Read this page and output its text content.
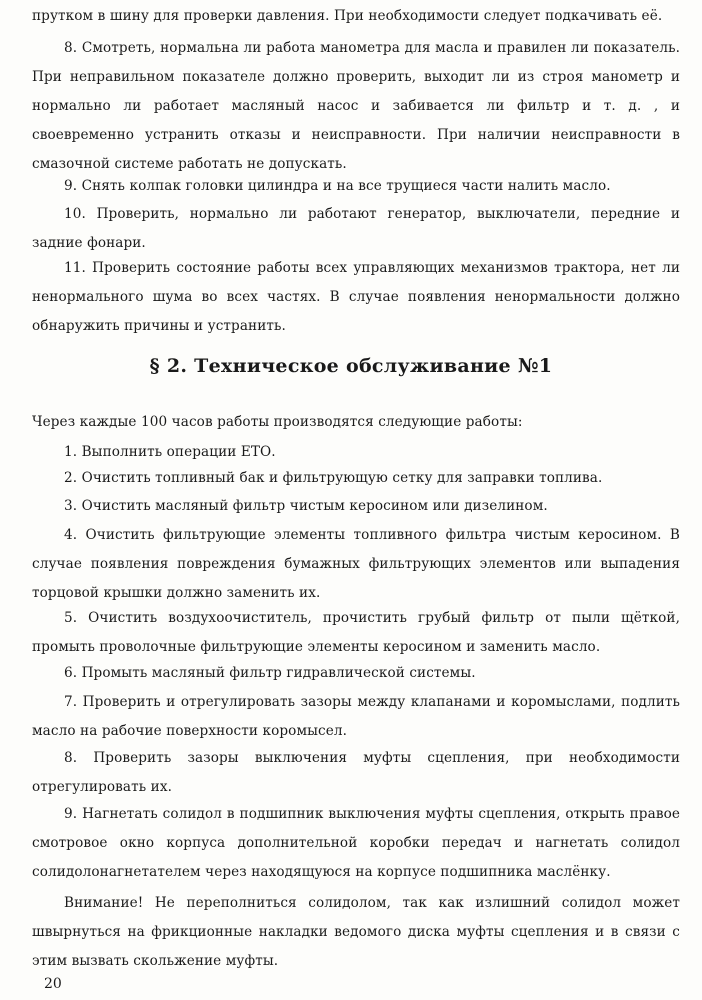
прутком в шину для проверки давления. При необходимости следует подкачивать её.

8. Смотреть, нормальна ли работа манометра для масла и правилен ли показатель. При неправильном показателе должно проверить, выходит ли из строя манометр и нормально ли работает масляный насос и забивается ли фильтр и т. д. , и своевременно устранить отказы и неисправности. При наличии неисправности в смазочной системе работать не допускать.

9. Снять колпак головки цилиндра и на все трущиеся части налить масло.

10. Проверить, нормально ли работают генератор, выключатели, передние и задние фонари.

11. Проверить состояние работы всех управляющих механизмов трактора, нет ли ненормального шума во всех частях. В случае появления ненормальности должно обнаружить причины и устранить.

§ 2. Техническое обслуживание №1

Через каждые 100 часов работы производятся следующие работы:

1. Выполнить операции ЕТО.

2. Очистить топливный бак и фильтрующую сетку для заправки топлива.

3. Очистить масляный фильтр чистым керосином или дизелином.

4. Очистить фильтрующие элементы топливного фильтра чистым керосином. В случае появления повреждения бумажных фильтрующих элементов или выпадения торцовой крышки должно заменить их.

5. Очистить воздухоочиститель, прочистить грубый фильтр от пыли щёткой, промыть проволочные фильтрующие элементы керосином и заменить масло.

6. Промыть масляный фильтр гидравлической системы.

7. Проверить и отрегулировать зазоры между клапанами и коромыслами, подлить масло на рабочие поверхности коромысел.

8. Проверить зазоры выключения муфты сцепления, при необходимости отрегулировать их.

9. Нагнетать солидол в подшипник выключения муфты сцепления, открыть правое смотровое окно корпуса дополнительной коробки передач и нагнетать солидол солидолонагнетателем через находящуюся на корпусе подшипника маслёнку.

Внимание! Не переполниться солидолом, так как излишний солидол может швырнуться на фрикционные накладки ведомого диска муфты сцепления и в связи с этим вызвать скольжение муфты.

20
